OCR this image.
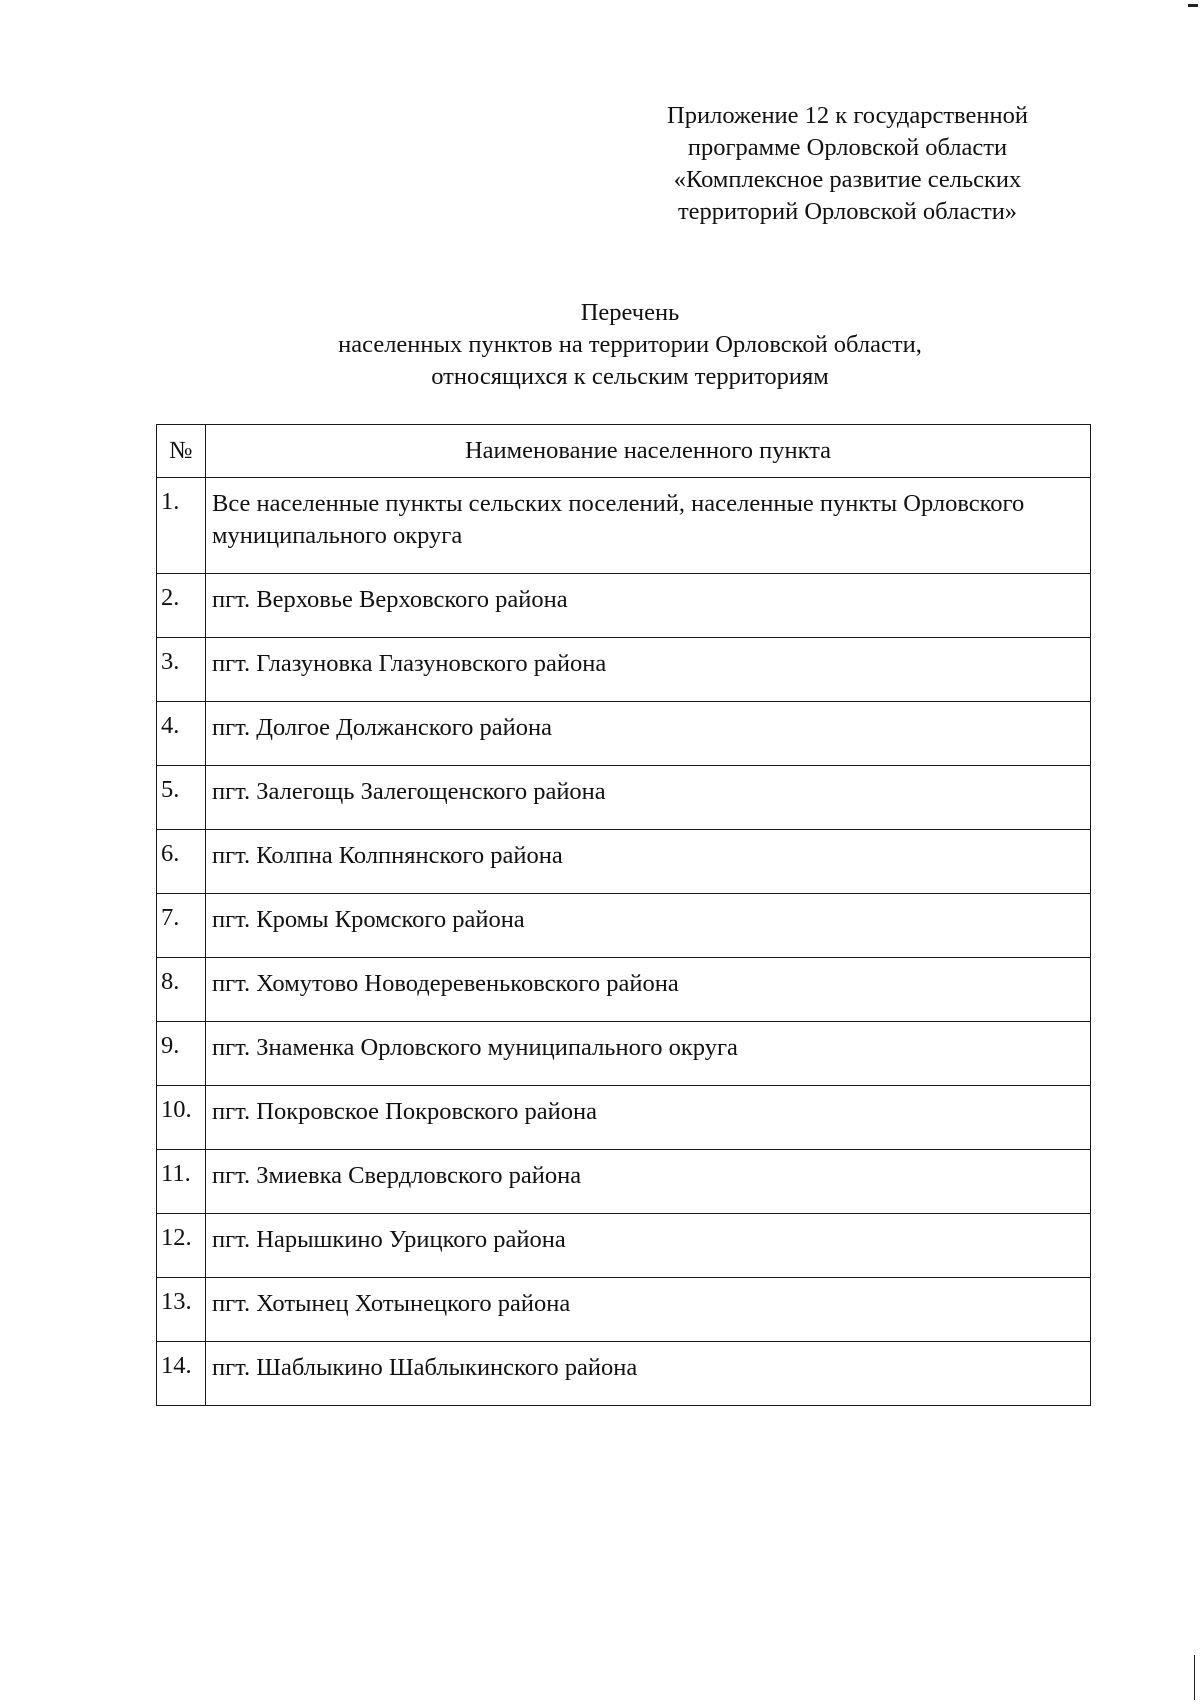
Приложение 12 к государственной
программе Орловской области
«Комплексное развитие сельских
территорий Орловской области»
Перечень
населенных пунктов на территории Орловской области,
относящихся к сельским территориям
№	Наименование населенного пункта
1.	Все населенные пункты сельских поселений, населенные пункты Орловского муниципального округа
2.	пгт. Верховье Верховского района
3.	пгт. Глазуновка Глазуновского района
4.	пгт. Долгое Должанского района
5.	пгт. Залегощь Залегощенского района
6.	пгт. Колпна Колпнянского района
7.	пгт. Кромы Кромского района
8.	пгт. Хомутово Новодеревеньковского района
9.	пгт. Знаменка Орловского муниципального округа
10.	пгт. Покровское Покровского района
11.	пгт. Змиевка Свердловского района
12.	пгт. Нарышкино Урицкого района
13.	пгт. Хотынец Хотынецкого района
14.	пгт. Шаблыкино Шаблыкинского района
